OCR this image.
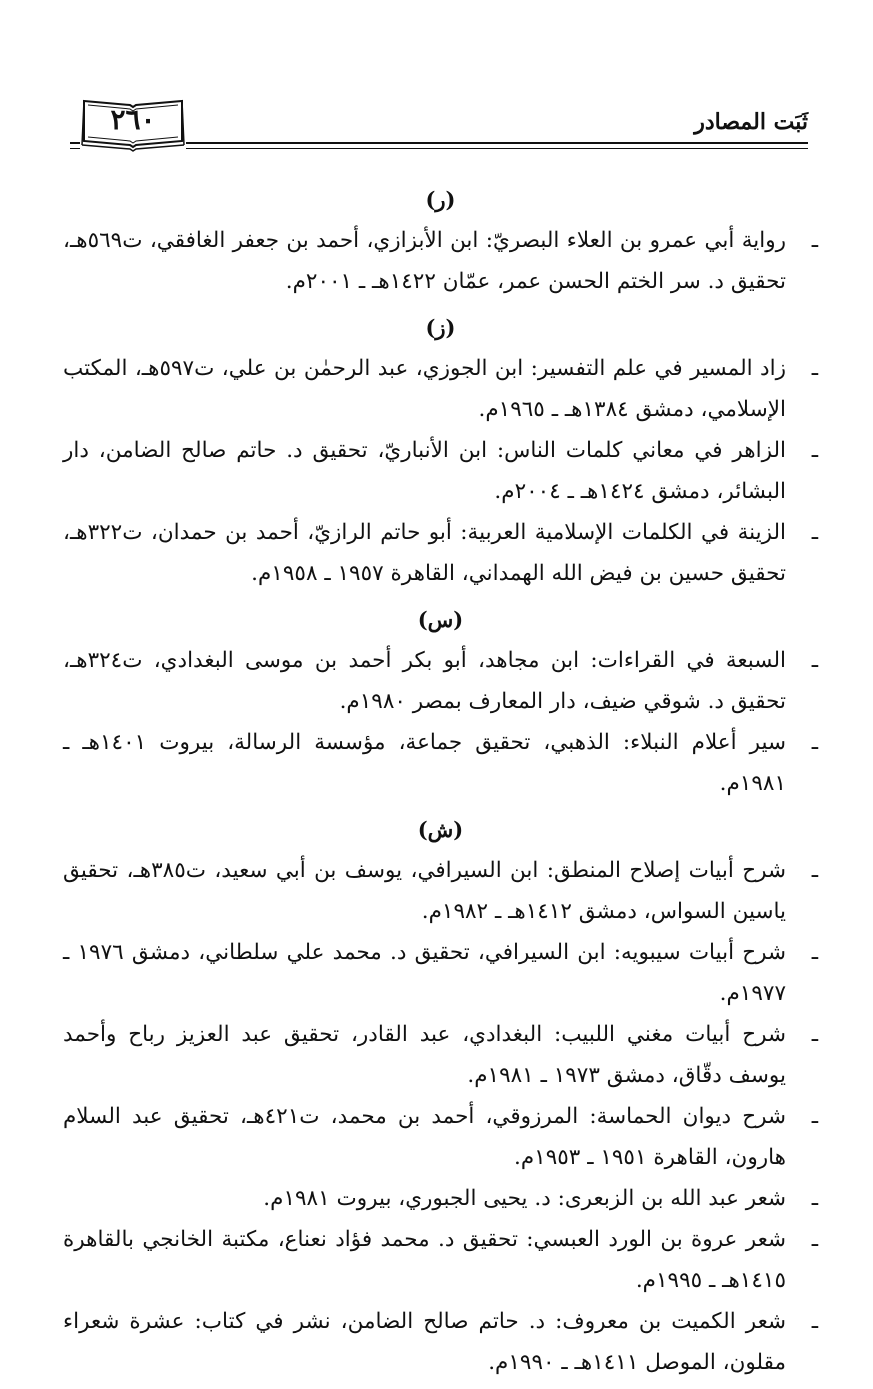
ثَبَت المصادر
٢٦٠

(ر)

ـ
رواية أبي عمرو بن العلاء البصريّ: ابن الأبزازي، أحمد بن جعفر الغافقي، ت٥٦٩هـ، تحقيق د. سر الختم الحسن عمر، عمّان ١٤٢٢هـ ـ ٢٠٠١م.

(ز)

ـ
زاد المسير في علم التفسير: ابن الجوزي، عبد الرحمٰن بن علي، ت٥٩٧هـ، المكتب الإسلامي، دمشق ١٣٨٤هـ ـ ١٩٦٥م.

ـ
الزاهر في معاني كلمات الناس: ابن الأنباريّ، تحقيق د. حاتم صالح الضامن، دار البشائر، دمشق ١٤٢٤هـ ـ ٢٠٠٤م.

ـ
الزينة في الكلمات الإسلامية العربية: أبو حاتم الرازيّ، أحمد بن حمدان، ت٣٢٢هـ، تحقيق حسين بن فيض الله الهمداني، القاهرة ١٩٥٧ ـ ١٩٥٨م.

(س)

ـ
السبعة في القراءات: ابن مجاهد، أبو بكر أحمد بن موسى البغدادي، ت٣٢٤هـ، تحقيق د. شوقي ضيف، دار المعارف بمصر ١٩٨٠م.

ـ
سير أعلام النبلاء: الذهبي، تحقيق جماعة، مؤسسة الرسالة، بيروت ١٤٠١هـ ـ ١٩٨١م.

(ش)

ـ
شرح أبيات إصلاح المنطق: ابن السيرافي، يوسف بن أبي سعيد، ت٣٨٥هـ، تحقيق ياسين السواس، دمشق ١٤١٢هـ ـ ١٩٨٢م.

ـ
شرح أبيات سيبويه: ابن السيرافي، تحقيق د. محمد علي سلطاني، دمشق ١٩٧٦ ـ ١٩٧٧م.

ـ
شرح أبيات مغني اللبيب: البغدادي، عبد القادر، تحقيق عبد العزيز رباح وأحمد يوسف دقّاق، دمشق ١٩٧٣ ـ ١٩٨١م.

ـ
شرح ديوان الحماسة: المرزوقي، أحمد بن محمد، ت٤٢١هـ، تحقيق عبد السلام هارون، القاهرة ١٩٥١ ـ ١٩٥٣م.

ـ
شعر عبد الله بن الزبعرى: د. يحيى الجبوري، بيروت ١٩٨١م.

ـ
شعر عروة بن الورد العبسي: تحقيق د. محمد فؤاد نعناع، مكتبة الخانجي بالقاهرة ١٤١٥هـ ـ ١٩٩٥م.

ـ
شعر الكميت بن معروف: د. حاتم صالح الضامن، نشر في كتاب: عشرة شعراء مقلون، الموصل ١٤١١هـ ـ ١٩٩٠م.
